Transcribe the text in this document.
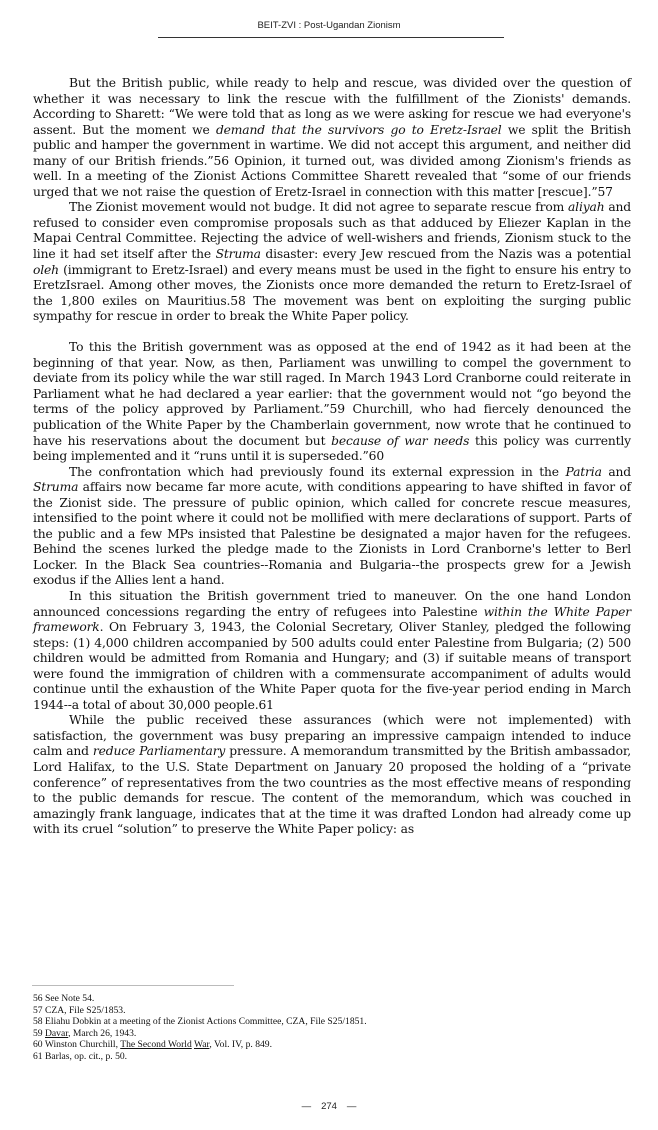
BEIT-ZVI : Post-Ugandan Zionism

But the British public, while ready to help and rescue, was divided over the question of whether it was necessary to link the rescue with the fulfillment of the Zionists' demands. According to Sharett: “We were told that as long as we were asking for rescue we had everyone's assent. But the moment we demand that the survivors go to Eretz-Israel we split the British public and hamper the government in wartime. We did not accept this argument, and neither did many of our British friends.”56 Opinion, it turned out, was divided among Zionism's friends as well. In a meeting of the Zionist Actions Committee Sharett revealed that “some of our friends urged that we not raise the question of Eretz-Israel in connection with this matter [rescue].”57

The Zionist movement would not budge. It did not agree to separate rescue from aliyah and refused to consider even compromise proposals such as that adduced by Eliezer Kaplan in the Mapai Central Committee. Rejecting the advice of well-wishers and friends, Zionism stuck to the line it had set itself after the Struma disaster: every Jew rescued from the Nazis was a potential oleh (immigrant to Eretz-Israel) and every means must be used in the fight to ensure his entry to EretzIsrael. Among other moves, the Zionists once more demanded the return to Eretz-Israel of the 1,800 exiles on Mauritius.58 The movement was bent on exploiting the surging public sympathy for rescue in order to break the White Paper policy.

To this the British government was as opposed at the end of 1942 as it had been at the beginning of that year. Now, as then, Parliament was unwilling to compel the government to deviate from its policy while the war still raged. In March 1943 Lord Cranborne could reiterate in Parliament what he had declared a year earlier: that the government would not “go beyond the terms of the policy approved by Parliament.”59 Churchill, who had fiercely denounced the publication of the White Paper by the Chamberlain government, now wrote that he continued to have his reservations about the document but because of war needs this policy was currently being implemented and it “runs until it is superseded.”60

The confrontation which had previously found its external expression in the Patria and Struma affairs now became far more acute, with conditions appearing to have shifted in favor of the Zionist side. The pressure of public opinion, which called for concrete rescue measures, intensified to the point where it could not be mollified with mere declarations of support. Parts of the public and a few MPs insisted that Palestine be designated a major haven for the refugees. Behind the scenes lurked the pledge made to the Zionists in Lord Cranborne's letter to Berl Locker. In the Black Sea countries--Romania and Bulgaria--the prospects grew for a Jewish exodus if the Allies lent a hand.

In this situation the British government tried to maneuver. On the one hand London announced concessions regarding the entry of refugees into Palestine within the White Paper framework. On February 3, 1943, the Colonial Secretary, Oliver Stanley, pledged the following steps: (1) 4,000 children accompanied by 500 adults could enter Palestine from Bulgaria; (2) 500 children would be admitted from Romania and Hungary; and (3) if suitable means of transport were found the immigration of children with a commensurate accompaniment of adults would continue until the exhaustion of the White Paper quota for the five-year period ending in March 1944--a total of about 30,000 people.61

While the public received these assurances (which were not implemented) with satisfaction, the government was busy preparing an impressive campaign intended to induce calm and reduce Parliamentary pressure. A memorandum transmitted by the British ambassador, Lord Halifax, to the U.S. State Department on January 20 proposed the holding of a “private conference” of representatives from the two countries as the most effective means of responding to the public demands for rescue. The content of the memorandum, which was couched in amazingly frank language, indicates that at the time it was drafted London had already come up with its cruel “solution” to preserve the White Paper policy: as

56 See Note 54.
57 CZA, File S25/1853.
58 Eliahu Dobkin at a meeting of the Zionist Actions Committee, CZA, File S25/1851.
59 Davar, March 26, 1943.
60 Winston Churchill, The Second World War, Vol. IV, p. 849.
61 Barlas, op. cit., p. 50.
— 274 —
